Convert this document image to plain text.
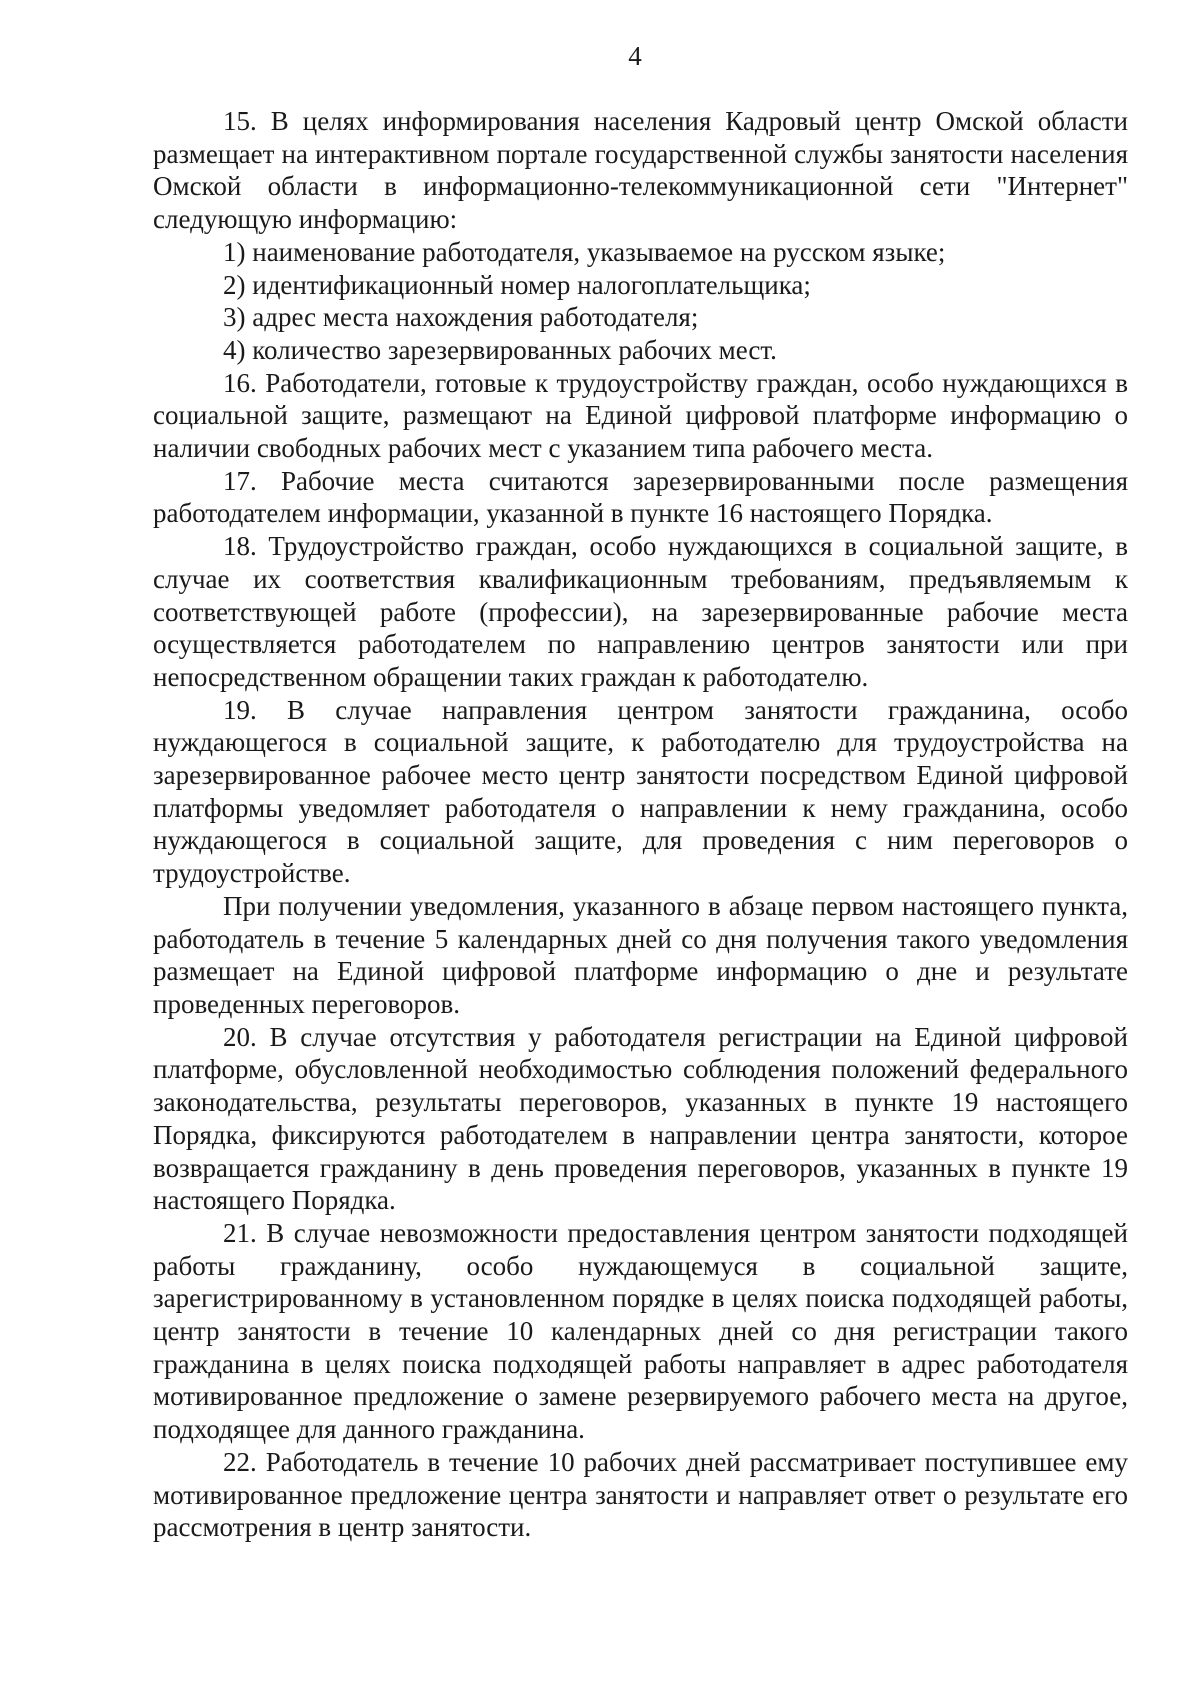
4

15. В целях информирования населения Кадровый центр Омской области размещает на интерактивном портале государственной службы занятости населения Омской области в информационно-телекоммуникационной сети "Интернет" следующую информацию:

1) наименование работодателя, указываемое на русском языке;

2) идентификационный номер налогоплательщика;

3) адрес места нахождения работодателя;

4) количество зарезервированных рабочих мест.

16. Работодатели, готовые к трудоустройству граждан, особо нуждающихся в социальной защите, размещают на Единой цифровой платформе информацию о наличии свободных рабочих мест с указанием типа рабочего места.

17. Рабочие места считаются зарезервированными после размещения работодателем информации, указанной в пункте 16 настоящего Порядка.

18. Трудоустройство граждан, особо нуждающихся в социальной защите, в случае их соответствия квалификационным требованиям, предъявляемым к соответствующей работе (профессии), на зарезервированные рабочие места осуществляется работодателем по направлению центров занятости или при непосредственном обращении таких граждан к работодателю.

19. В случае направления центром занятости гражданина, особо нуждающегося в социальной защите, к работодателю для трудоустройства на зарезервированное рабочее место центр занятости посредством Единой цифровой платформы уведомляет работодателя о направлении к нему гражданина, особо нуждающегося в социальной защите, для проведения с ним переговоров о трудоустройстве.

При получении уведомления, указанного в абзаце первом настоящего пункта, работодатель в течение 5 календарных дней со дня получения такого уведомления размещает на Единой цифровой платформе информацию о дне и результате проведенных переговоров.

20. В случае отсутствия у работодателя регистрации на Единой цифровой платформе, обусловленной необходимостью соблюдения положений федерального законодательства, результаты переговоров, указанных в пункте 19 настоящего Порядка, фиксируются работодателем в направлении центра занятости, которое возвращается гражданину в день проведения переговоров, указанных в пункте 19 настоящего Порядка.

21. В случае невозможности предоставления центром занятости подходящей работы гражданину, особо нуждающемуся в социальной защите, зарегистрированному в установленном порядке в целях поиска подходящей работы, центр занятости в течение 10 календарных дней со дня регистрации такого гражданина в целях поиска подходящей работы направляет в адрес работодателя мотивированное предложение о замене резервируемого рабочего места на другое, подходящее для данного гражданина.

22. Работодатель в течение 10 рабочих дней рассматривает поступившее ему мотивированное предложение центра занятости и направляет ответ о результате его рассмотрения в центр занятости.
